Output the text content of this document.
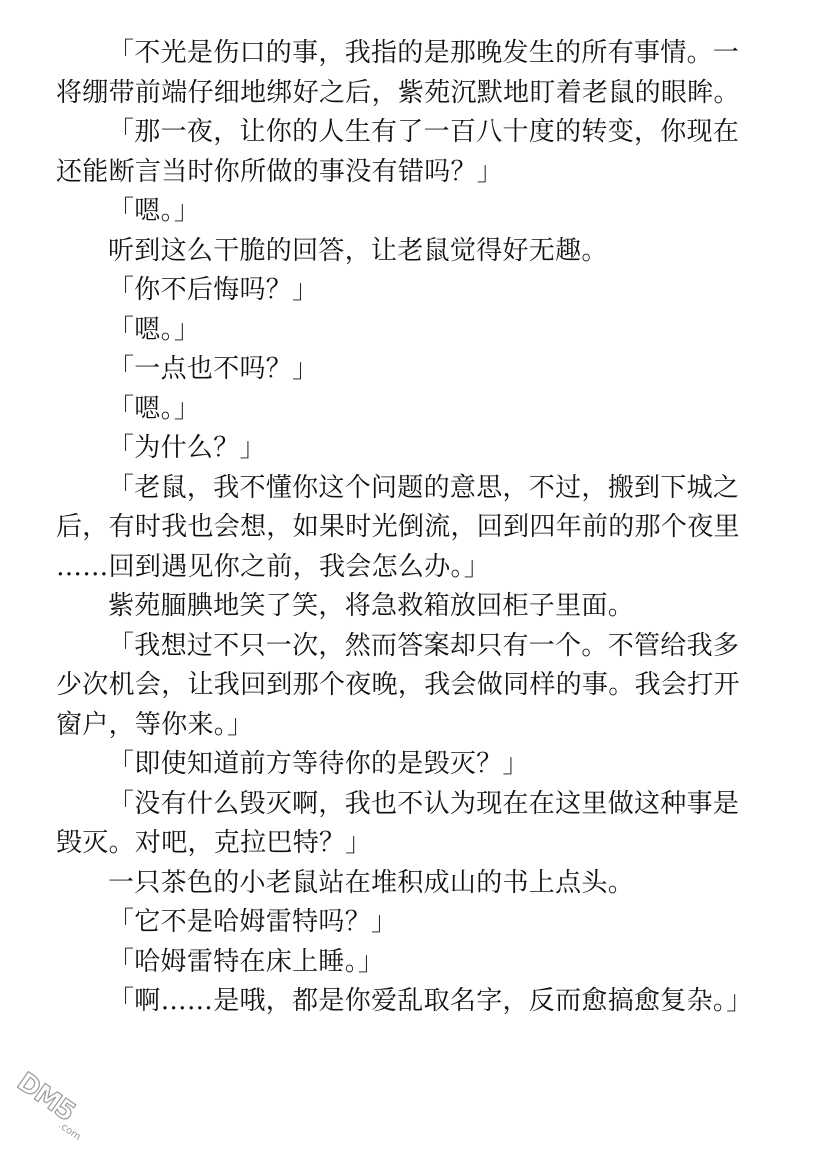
「不光是伤口的事，我指的是那晚发生的所有事情。一将绷带前端仔细地绑好之后，紫苑沉默地盯着老鼠的眼眸。

「那一夜，让你的人生有了一百八十度的转变，你现在还能断言当时你所做的事没有错吗？」

「嗯。」

听到这么干脆的回答，让老鼠觉得好无趣。

「你不后悔吗？」

「嗯。」

「一点也不吗？」

「嗯。」

「为什么？」

「老鼠，我不懂你这个问题的意思，不过，搬到下城之后，有时我也会想，如果时光倒流，回到四年前的那个夜里……回到遇见你之前，我会怎么办。」

紫苑腼腆地笑了笑，将急救箱放回柜子里面。

「我想过不只一次，然而答案却只有一个。不管给我多少次机会，让我回到那个夜晚，我会做同样的事。我会打开窗户，等你来。」

「即使知道前方等待你的是毁灭？」

「没有什么毁灭啊，我也不认为现在在这里做这种事是毁灭。对吧，克拉巴特？」

一只茶色的小老鼠站在堆积成山的书上点头。

「它不是哈姆雷特吗？」

「哈姆雷特在床上睡。」

「啊……是哦，都是你爱乱取名字，反而愈搞愈复杂。」

DM5
.com
